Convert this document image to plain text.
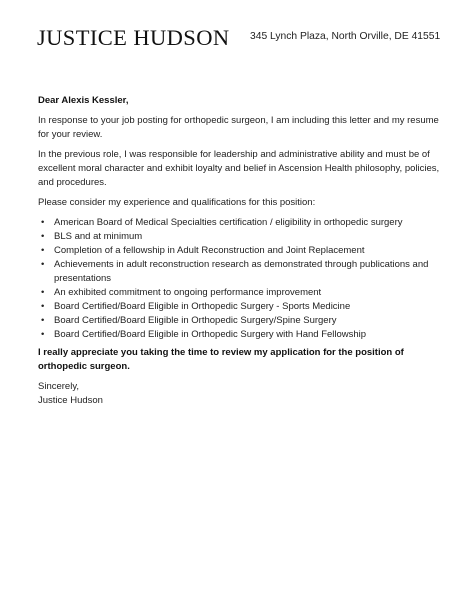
JUSTICE HUDSON 345 Lynch Plaza, North Orville, DE 41551

Dear Alexis Kessler,

In response to your job posting for orthopedic surgeon, I am including this letter and my resume for your review.

In the previous role, I was responsible for leadership and administrative ability and must be of excellent moral character and exhibit loyalty and belief in Ascension Health philosophy, policies, and procedures.

Please consider my experience and qualifications for this position:

• American Board of Medical Specialties certification / eligibility in orthopedic surgery
• BLS and at minimum
• Completion of a fellowship in Adult Reconstruction and Joint Replacement
• Achievements in adult reconstruction research as demonstrated through publications and presentations
• An exhibited commitment to ongoing performance improvement
• Board Certified/Board Eligible in Orthopedic Surgery - Sports Medicine
• Board Certified/Board Eligible in Orthopedic Surgery/Spine Surgery
• Board Certified/Board Eligible in Orthopedic Surgery with Hand Fellowship

I really appreciate you taking the time to review my application for the position of orthopedic surgeon.

Sincerely,
Justice Hudson
